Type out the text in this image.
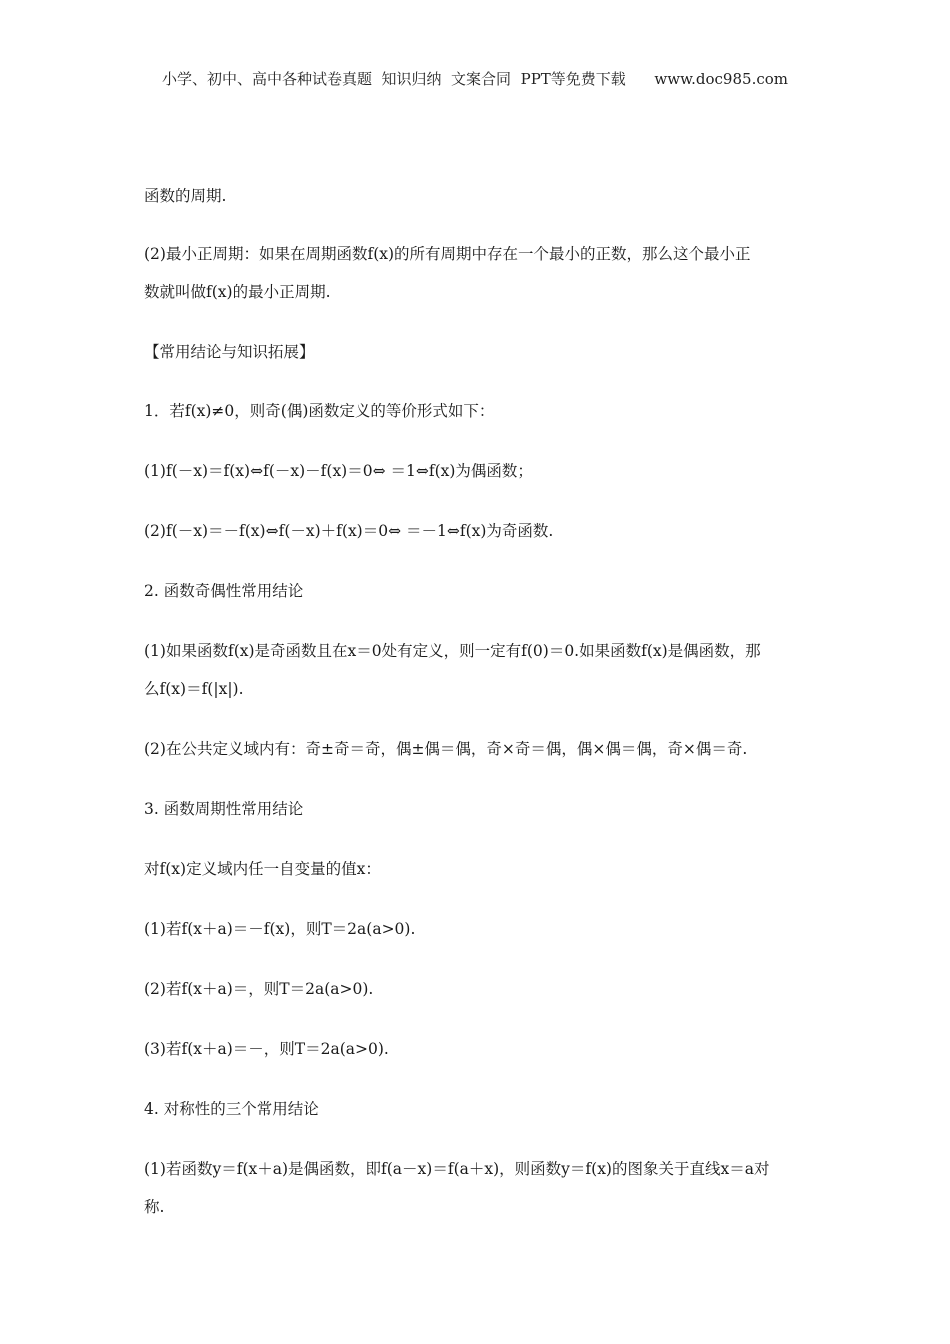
小学、初中、高中各种试卷真题  知识归纳  文案合同  PPT等免费下载      www.doc985.com
函数的周期.
(2)最小正周期：如果在周期函数f(x)的所有周期中存在一个最小的正数，那么这个最小正
数就叫做f(x)的最小正周期.
【常用结论与知识拓展】
1．若f(x)≠0，则奇(偶)函数定义的等价形式如下：
(1)f(－x)＝f(x)⇔f(－x)－f(x)＝0⇔ ＝1⇔f(x)为偶函数；
(2)f(－x)＝－f(x)⇔f(－x)＋f(x)＝0⇔ ＝－1⇔f(x)为奇函数.
2. 函数奇偶性常用结论
(1)如果函数f(x)是奇函数且在x＝0处有定义，则一定有f(0)＝0.如果函数f(x)是偶函数，那
么f(x)＝f(|x|).
(2)在公共定义域内有：奇±奇＝奇，偶±偶＝偶，奇×奇＝偶，偶×偶＝偶，奇×偶＝奇.
3. 函数周期性常用结论
对f(x)定义域内任一自变量的值x：
(1)若f(x＋a)＝－f(x)，则T＝2a(a>0).
(2)若f(x＋a)＝，则T＝2a(a>0).
(3)若f(x＋a)＝－，则T＝2a(a>0).
4. 对称性的三个常用结论
(1)若函数y＝f(x＋a)是偶函数，即f(a－x)＝f(a＋x)，则函数y＝f(x)的图象关于直线x＝a对
称.
